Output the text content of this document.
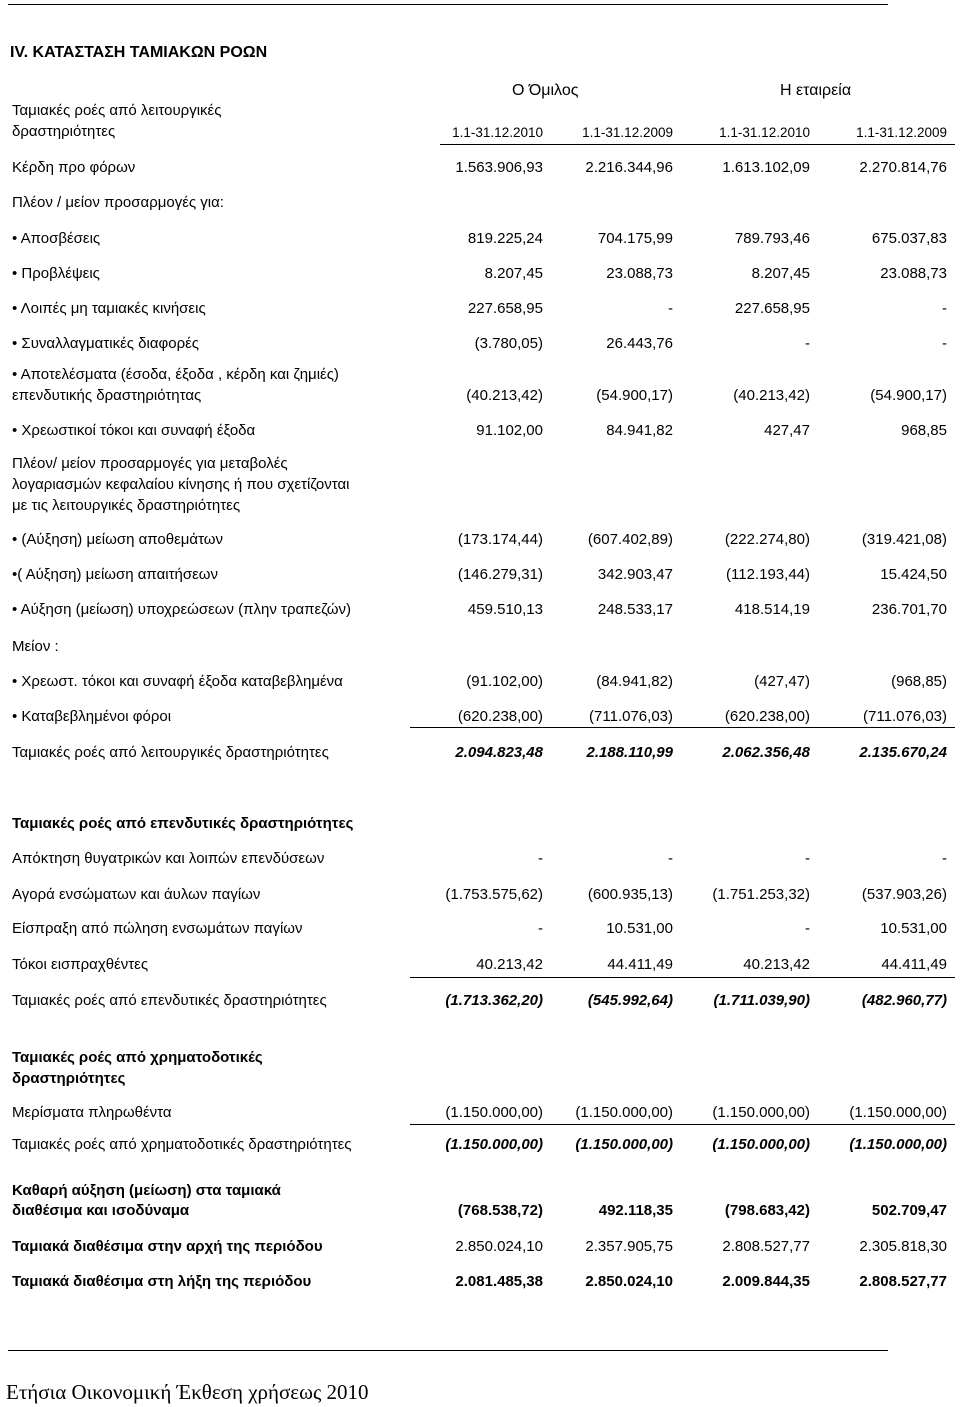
IV. ΚΑΤΑΣΤΑΣΗ ΤΑΜΙΑΚΩΝ ΡΟΩΝ
Ο Όμιλος	Η εταιρεία
Ταμιακές ροές από λειτουργικές
δραστηριότητες	1.1-31.12.2010	1.1-31.12.2009	1.1-31.12.2010	1.1-31.12.2009
Κέρδη προ φόρων	1.563.906,93	2.216.344,96	1.613.102,09	2.270.814,76
Πλέον / μείον προσαρμογές για:
• Αποσβέσεις	819.225,24	704.175,99	789.793,46	675.037,83
• Προβλέψεις	8.207,45	23.088,73	8.207,45	23.088,73
• Λοιπές μη ταμιακές κινήσεις	227.658,95	-	227.658,95	-
• Συναλλαγματικές διαφορές	(3.780,05)	26.443,76	-	-
• Αποτελέσματα (έσοδα, έξοδα , κέρδη και ζημιές)
επενδυτικής δραστηριότητας	(40.213,42)	(54.900,17)	(40.213,42)	(54.900,17)
• Χρεωστικοί τόκοι και συναφή έξοδα	91.102,00	84.941,82	427,47	968,85
Πλέον/ μείον προσαρμογές για μεταβολές
λογαριασμών κεφαλαίου κίνησης ή που σχετίζονται
με τις λειτουργικές δραστηριότητες
• (Αύξηση) μείωση αποθεμάτων	(173.174,44)	(607.402,89)	(222.274,80)	(319.421,08)
•( Αύξηση) μείωση απαιτήσεων	(146.279,31)	342.903,47	(112.193,44)	15.424,50
• Αύξηση (μείωση) υποχρεώσεων (πλην τραπεζών)	459.510,13	248.533,17	418.514,19	236.701,70
Μείον :
• Χρεωστ. τόκοι και συναφή έξοδα καταβεβλημένα	(91.102,00)	(84.941,82)	(427,47)	(968,85)
• Καταβεβλημένοι φόροι	(620.238,00)	(711.076,03)	(620.238,00)	(711.076,03)
Ταμιακές ροές από λειτουργικές δραστηριότητες	2.094.823,48	2.188.110,99	2.062.356,48	2.135.670,24
Ταμιακές ροές από επενδυτικές δραστηριότητες
Απόκτηση θυγατρικών και λοιπών επενδύσεων	-	-	-	-
Αγορά ενσώματων και άυλων παγίων	(1.753.575,62)	(600.935,13)	(1.751.253,32)	(537.903,26)
Είσπραξη από πώληση ενσωμάτων παγίων	-	10.531,00	-	10.531,00
Τόκοι εισπραχθέντες	40.213,42	44.411,49	40.213,42	44.411,49
Ταμιακές ροές από επενδυτικές δραστηριότητες	(1.713.362,20)	(545.992,64)	(1.711.039,90)	(482.960,77)
Ταμιακές ροές από χρηματοδοτικές
δραστηριότητες
Μερίσματα πληρωθέντα	(1.150.000,00)	(1.150.000,00)	(1.150.000,00)	(1.150.000,00)
Ταμιακές ροές από χρηματοδοτικές δραστηριότητες	(1.150.000,00)	(1.150.000,00)	(1.150.000,00)	(1.150.000,00)
Καθαρή αύξηση (μείωση) στα ταμιακά
διαθέσιμα και ισοδύναμα	(768.538,72)	492.118,35	(798.683,42)	502.709,47
Ταμιακά διαθέσιμα στην αρχή της περιόδου	2.850.024,10	2.357.905,75	2.808.527,77	2.305.818,30
Ταμιακά διαθέσιμα στη λήξη της περιόδου	2.081.485,38	2.850.024,10	2.009.844,35	2.808.527,77
Ετήσια Οικονομική Έκθεση χρήσεως 2010
